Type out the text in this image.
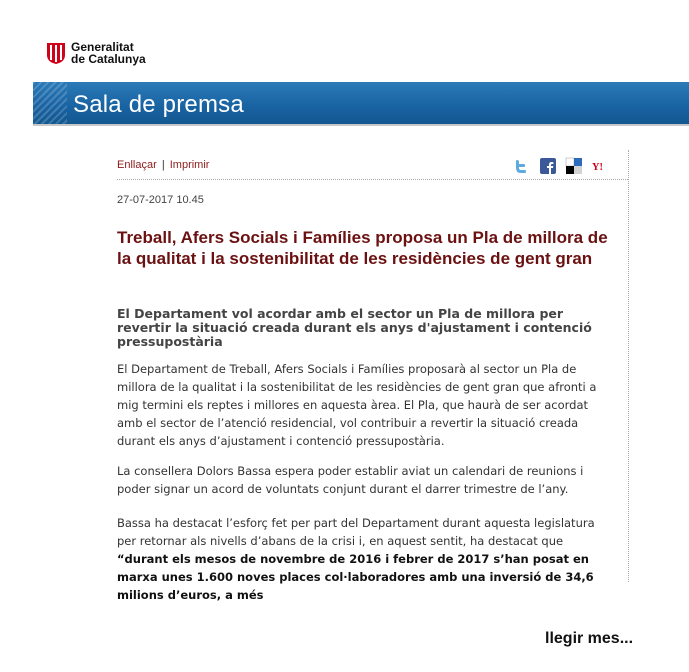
Generalitat
de Catalunya
Sala de premsa
Enllaçar | Imprimir	Y!
27-07-2017 10.45
Treball, Afers Socials i Famílies proposa un Pla de millora de la qualitat i la sostenibilitat de les residències de gent gran
El Departament vol acordar amb el sector un Pla de millora per revertir la situació creada durant els anys d'ajustament i contenció pressupostària

El Departament de Treball, Afers Socials i Famílies proposarà al sector un Pla de millora de la qualitat i la sostenibilitat de les residències de gent gran que afronti a mig termini els reptes i millores en aquesta àrea. El Pla, que haurà de ser acordat amb el sector de l’atenció residencial, vol contribuir a revertir la situació creada durant els anys d’ajustament i contenció pressupostària.

La consellera Dolors Bassa espera poder establir aviat un calendari de reunions i poder signar un acord de voluntats conjunt durant el darrer trimestre de l’any.

Bassa ha destacat l’esforç fet per part del Departament durant aquesta legislatura per retornar als nivells d’abans de la crisi i, en aquest sentit, ha destacat que “durant els mesos de novembre de 2016 i febrer de 2017 s’han posat en marxa unes 1.600 noves places col·laboradores amb una inversió de 34,6 milions d’euros, a més

llegir mes...
